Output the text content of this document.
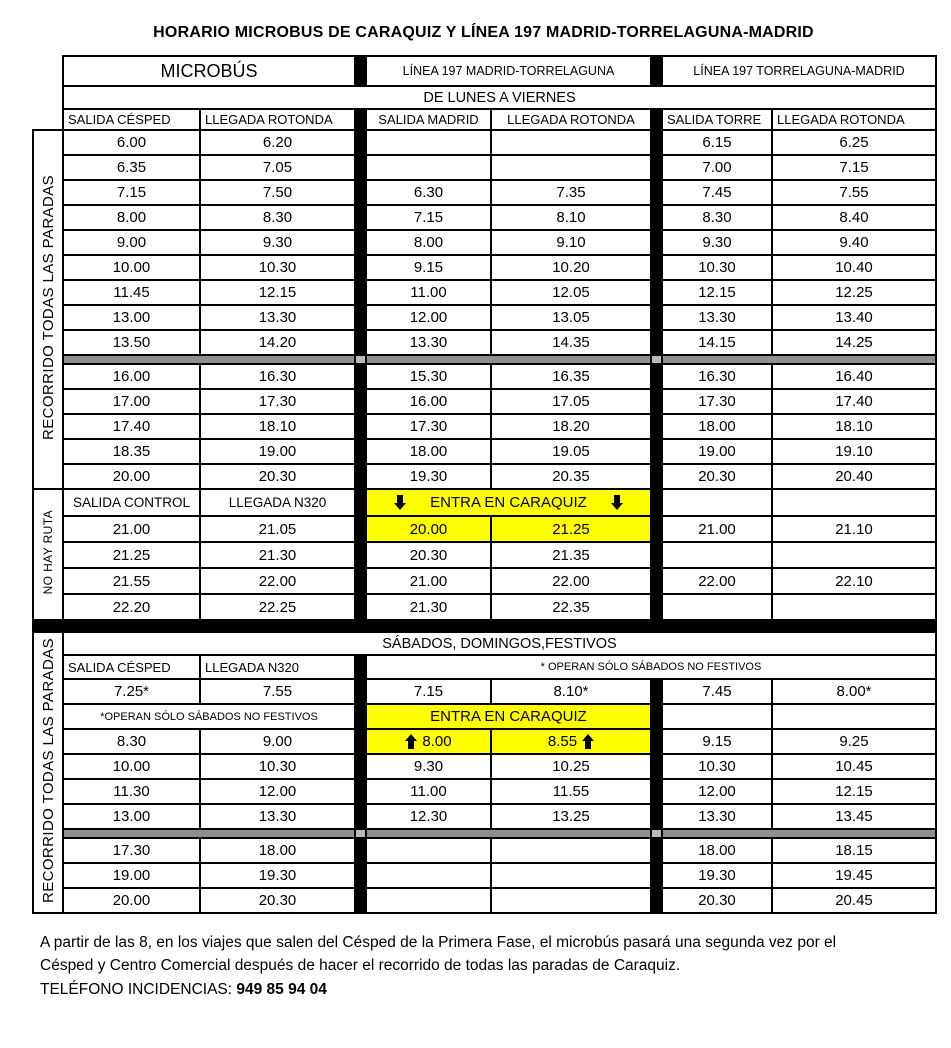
HORARIO MICROBUS DE CARAQUIZ Y LÍNEA 197 MADRID-TORRELAGUNA-MADRID
	MICROBÚS			LÍNEA 197 MADRID-TORRELAGUNA			LÍNEA 197 TORRELAGUNA-MADRID	
	DE LUNES A VIERNES							
	SALIDA CÉSPED	LLEGADA ROTONDA		SALIDA MADRID	LLEGADA ROTONDA		SALIDA TORRE	LLEGADA ROTONDA
RECORRIDO TODAS LAS PARADAS	6.00	6.20					6.15	6.25
	6.35	7.05					7.00	7.15
	7.15	7.50		6.30	7.35		7.45	7.55
	8.00	8.30		7.15	8.10		8.30	8.40
	9.00	9.30		8.00	9.10		9.30	9.40
	10.00	10.30		9.15	10.20		10.30	10.40
	11.45	12.15		11.00	12.05		12.15	12.25
	13.00	13.30		12.00	13.05		13.30	13.40
	13.50	14.20		13.30	14.35		14.15	14.25

	16.00	16.30		15.30	16.35		16.30	16.40
	17.00	17.30		16.00	17.05		17.30	17.40
	17.40	18.10		17.30	18.20		18.00	18.10
	18.35	19.00		18.00	19.05		19.00	19.10
	20.00	20.30		19.30	20.35		20.30	20.40
NO HAY RUTA	SALIDA CONTROL	LLEGADA N320		ENTRA EN CARAQUIZ				

	21.00	21.05		20.00	21.25		21.00	21.10
	21.25	21.30		20.30	21.35			
	21.55	22.00		21.00	22.00		22.00	22.10
	22.20	22.25		21.30	22.35			

RECORRIDO TODAS LAS PARADAS	SÁBADOS, DOMINGOS,FESTIVOS							
	SALIDA CÉSPED	LLEGADA N320		* OPERAN SÓLO SÁBADOS NO FESTIVOS				
	7.25*	7.55		7.15	8.10*		7.45	8.00*
	*OPERAN SÓLO SÁBADOS NO FESTIVOS			ENTRA EN CARAQUIZ				
	8.30	9.00		8.00	8.55		9.15	9.25
	10.00	10.30		9.30	10.25		10.30	10.45
	11.30	12.00		11.00	11.55		12.00	12.15
	13.00	13.30		12.30	13.25		13.30	13.45

	17.30	18.00					18.00	18.15
	19.00	19.30					19.30	19.45
	20.00	20.30					20.30	20.45
A partir de las 8, en los viajes que salen del Césped de la Primera Fase, el microbús pasará una segunda vez por el
Césped y Centro Comercial después de hacer el recorrido de todas las paradas de Caraquiz.
TELÉFONO INCIDENCIAS: 949 85 94 04
